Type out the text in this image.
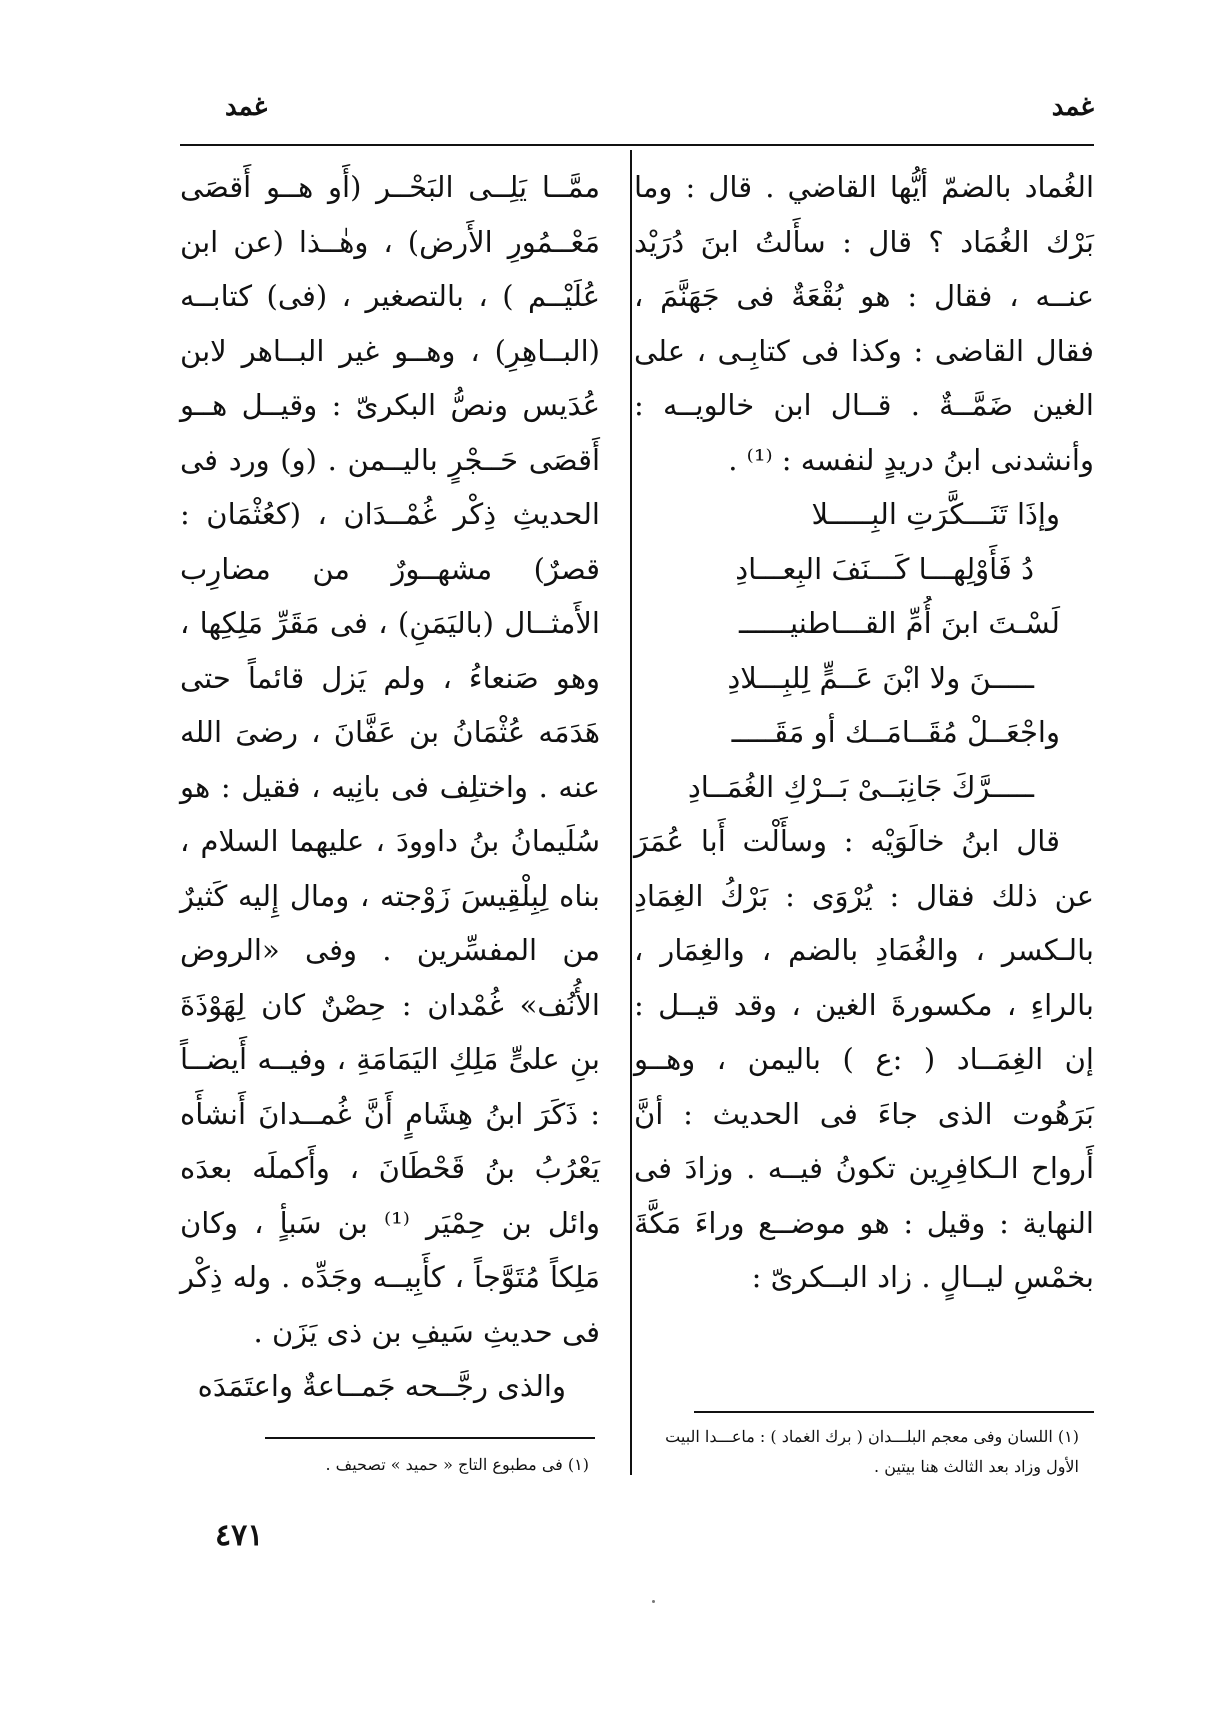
غمد
غمد

الغُماد بالضمّ أيُّها القاضي . قال : وما بَرْك الغُمَاد ؟ قال : سأَلتُ ابنَ دُرَيْد عنــه ، فقال : هو بُقْعَةٌ فى جَهَنَّمَ ، فقال القاضى : وكذا فى كتابِـى ، على الغين ضَمَّــةٌ . قــال ابن خالويــه : وأنشدنى ابنُ دريدٍ لنفسه : ⁽¹⁾ .

وإذَا تَنَـــكَّرَتِ البِـــــلا
دُ فَأَوْلِهـــا كَـــنَفَ البِعـــادِ
لَسْـتَ ابنَ أُمِّ القـــاطنيــــــ
ـــــنَ ولا ابْنَ عَــمٍّ لِلبِـــلادِ
واجْعَــلْ مُقَــامَــك أو مَقَـــــ
ـــــرَّكَ جَانِبَــىْ بَــرْكِ الغُمَــادِ

قال ابنُ خالَوَيْه : وسأَلْت أَبا عُمَرَ عن ذلك فقال : يُرْوَى : بَرْكُ الغِمَادِ بالـكسر ، والغُمَادِ بالضم ، والغِمَار ، بالراءِ ، مكسورةَ الغين ، وقد قيــل : إن الغِمَــاد ( :ع ) باليمن ، وهــو بَرَهُوت الذى جاءَ فى الحديث : أنَّ أَرواح الـكافِرِين تكونُ فيــه . وزادَ فى النهاية : وقيل : هو موضــع وراءَ مَكَّةَ بخمْسِ ليــالٍ . زاد البــكرىّ :

ممَّــا يَلِــى البَحْــر (أَو هــو أَقصَى مَعْــمُورِ الأَرض) ، وهٰــذا (عن ابن عُلَيْــم ) ، بالتصغير ، (فى) كتابــه (البــاهِرِ) ، وهــو غير البــاهر لابن عُدَيس ونصُّ البكرىّ : وقيــل هــو أَقصَى حَــجْرٍ باليــمن . (و) ورد فى الحديثِ ذِكْر غُمْــدَان ، (كعُثْمَان : قصرٌ) مشهــورٌ من مضارِب الأَمثــال (باليَمَنِ) ، فى مَقَرِّ مَلِكِها ، وهو صَنعاءُ ، ولم يَزل قائماً حتى هَدَمَه عُثْمَانُ بن عَفَّانَ ، رضىَ الله عنه . واختلِف فى بانِيه ، فقيل : هو سُلَيمانُ بنُ داوودَ ، عليهما السلام ، بناه لِبِلْقِيسَ زَوْجته ، ومال إِليه كَثيرٌ من المفسِّرين . وفى «الروض الأُنُف» غُمْدان : حِصْنٌ كان لِهَوْذَةَ بنِ علىٍّ مَلِكِ اليَمَامَةِ ، وفيــه أَيضــاً : ذَكَرَ ابنُ هِشَامٍ أَنَّ غُمــدانَ أَنشأَه يَعْرُبُ بنُ قَحْطَانَ ، وأَكملَه بعدَه وائل بن حِمْيَر ⁽¹⁾ بن سَبأٍ ، وكان مَلِكاً مُتَوَّجاً ، كأَبِيــه وجَدِّه . وله ذِكْر فى حديثِ سَيفِ بن ذى يَزَن .

والذى رجَّــحه جَمــاعةٌ واعتَمَدَه

(١) اللسان وفى معجم البلـــدان ( برك الغماد ) : ماعـــدا البيت الأول وزاد بعد الثالث هنا بيتين .
(١) فى مطبوع التاج « حميد » تصحيف .
٤٧١
